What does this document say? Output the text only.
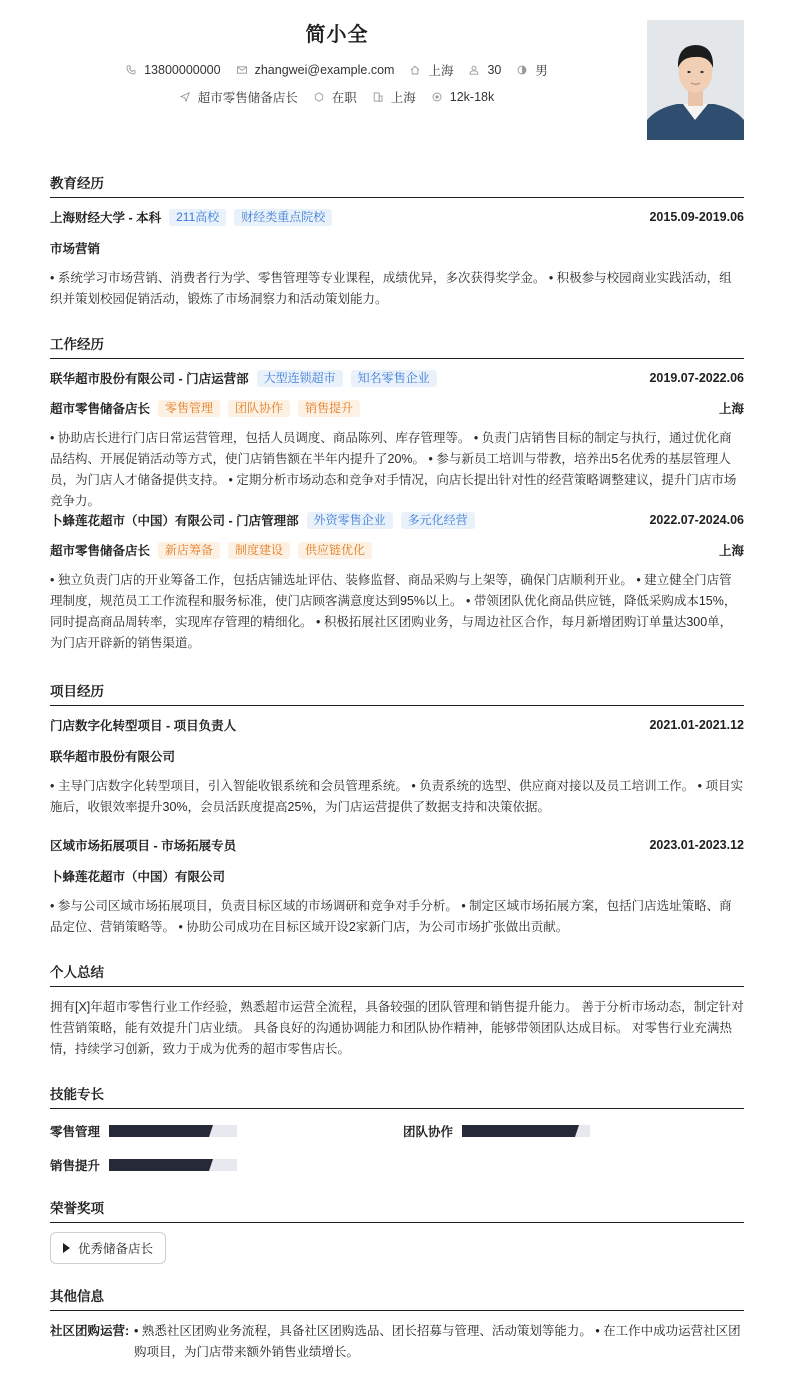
简小全
13800000000	zhangwei@example.com	上海	30	男
超市零售储备店长	在职	上海	12k-18k
教育经历
上海财经大学 - 本科	211高校	财经类重点院校	2015.09-2019.06
市场营销
• 系统学习市场营销、消费者行为学、零售管理等专业课程，成绩优异，多次获得奖学金。 • 积极参与校园商业实践活动，组织并策划校园促销活动，锻炼了市场洞察力和活动策划能力。
工作经历
联华超市股份有限公司 - 门店运营部	大型连锁超市	知名零售企业	2019.07-2022.06
超市零售储备店长	零售管理	团队协作	销售提升	上海
• 协助店长进行门店日常运营管理，包括人员调度、商品陈列、库存管理等。 • 负责门店销售目标的制定与执行，通过优化商品结构、开展促销活动等方式，使门店销售额在半年内提升了20%。 • 参与新员工培训与带教，培养出5名优秀的基层管理人员，为门店人才储备提供支持。 • 定期分析市场动态和竞争对手情况，向店长提出针对性的经营策略调整建议，提升门店市场竞争力。
卜蜂莲花超市（中国）有限公司 - 门店管理部	外资零售企业	多元化经营	2022.07-2024.06
超市零售储备店长	新店筹备	制度建设	供应链优化	上海
• 独立负责门店的开业筹备工作，包括店铺选址评估、装修监督、商品采购与上架等，确保门店顺利开业。 • 建立健全门店管理制度，规范员工工作流程和服务标准，使门店顾客满意度达到95%以上。 • 带领团队优化商品供应链，降低采购成本15%，同时提高商品周转率，实现库存管理的精细化。 • 积极拓展社区团购业务，与周边社区合作，每月新增团购订单量达300单，为门店开辟新的销售渠道。
项目经历
门店数字化转型项目 - 项目负责人	2021.01-2021.12
联华超市股份有限公司
• 主导门店数字化转型项目，引入智能收银系统和会员管理系统。 • 负责系统的选型、供应商对接以及员工培训工作。 • 项目实施后，收银效率提升30%，会员活跃度提高25%，为门店运营提供了数据支持和决策依据。
区域市场拓展项目 - 市场拓展专员	2023.01-2023.12
卜蜂莲花超市（中国）有限公司
• 参与公司区域市场拓展项目，负责目标区域的市场调研和竞争对手分析。 • 制定区域市场拓展方案，包括门店选址策略、商品定位、营销策略等。 • 协助公司成功在目标区域开设2家新门店，为公司市场扩张做出贡献。
个人总结
拥有[X]年超市零售行业工作经验，熟悉超市运营全流程，具备较强的团队管理和销售提升能力。 善于分析市场动态，制定针对性营销策略，能有效提升门店业绩。 具备良好的沟通协调能力和团队协作精神，能够带领团队达成目标。 对零售行业充满热情，持续学习创新，致力于成为优秀的超市零售店长。
技能专长
零售管理	团队协作
销售提升
荣誉奖项
优秀储备店长
其他信息
社区团购运营: • 熟悉社区团购业务流程，具备社区团购选品、团长招募与管理、活动策划等能力。 • 在工作中成功运营社区团购项目，为门店带来额外销售业绩增长。
